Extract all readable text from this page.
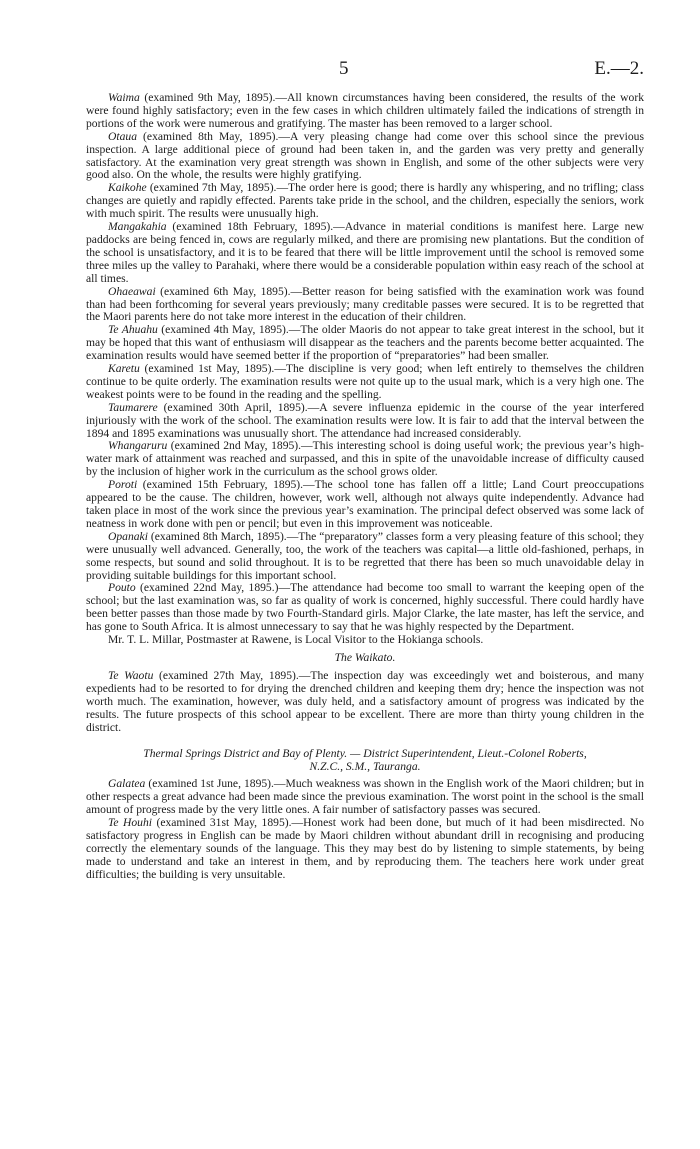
5	E.—2.

Waima (examined 9th May, 1895).—All known circumstances having been considered, the results of the work were found highly satisfactory; even in the few cases in which children ultimately failed the indications of strength in portions of the work were numerous and gratifying. The master has been removed to a larger school.

Otaua (examined 8th May, 1895).—A very pleasing change had come over this school since the previous inspection. A large additional piece of ground had been taken in, and the garden was very pretty and generally satisfactory. At the examination very great strength was shown in English, and some of the other subjects were very good also. On the whole, the results were highly gratifying.

Kaikohe (examined 7th May, 1895).—The order here is good; there is hardly any whispering, and no trifling; class changes are quietly and rapidly effected. Parents take pride in the school, and the children, especially the seniors, work with much spirit. The results were unusually high.

Mangakahia (examined 18th February, 1895).—Advance in material conditions is manifest here. Large new paddocks are being fenced in, cows are regularly milked, and there are promising new plantations. But the condition of the school is unsatisfactory, and it is to be feared that there will be little improvement until the school is removed some three miles up the valley to Parahaki, where there would be a considerable population within easy reach of the school at all times.

Ohaeawai (examined 6th May, 1895).—Better reason for being satisfied with the examination work was found than had been forthcoming for several years previously; many creditable passes were secured. It is to be regretted that the Maori parents here do not take more interest in the education of their children.

Te Ahuahu (examined 4th May, 1895).—The older Maoris do not appear to take great interest in the school, but it may be hoped that this want of enthusiasm will disappear as the teachers and the parents become better acquainted. The examination results would have seemed better if the proportion of “preparatories” had been smaller.

Karetu (examined 1st May, 1895).—The discipline is very good; when left entirely to themselves the children continue to be quite orderly. The examination results were not quite up to the usual mark, which is a very high one. The weakest points were to be found in the reading and the spelling.

Taumarere (examined 30th April, 1895).—A severe influenza epidemic in the course of the year interfered injuriously with the work of the school. The examination results were low. It is fair to add that the interval between the 1894 and 1895 examinations was unusually short. The attendance had increased considerably.

Whangaruru (examined 2nd May, 1895).—This interesting school is doing useful work; the previous year’s high-water mark of attainment was reached and surpassed, and this in spite of the unavoidable increase of difficulty caused by the inclusion of higher work in the curriculum as the school grows older.

Poroti (examined 15th February, 1895).—The school tone has fallen off a little; Land Court preoccupations appeared to be the cause. The children, however, work well, although not always quite independently. Advance had taken place in most of the work since the previous year’s examination. The principal defect observed was some lack of neatness in work done with pen or pencil; but even in this improvement was noticeable.

Opanaki (examined 8th March, 1895).—The “preparatory” classes form a very pleasing feature of this school; they were unusually well advanced. Generally, too, the work of the teachers was capital—a little old-fashioned, perhaps, in some respects, but sound and solid throughout. It is to be regretted that there has been so much unavoidable delay in providing suitable buildings for this important school.

Pouto (examined 22nd May, 1895.)—The attendance had become too small to warrant the keeping open of the school; but the last examination was, so far as quality of work is concerned, highly successful. There could hardly have been better passes than those made by two Fourth-Standard girls. Major Clarke, the late master, has left the service, and has gone to South Africa. It is almost unnecessary to say that he was highly respected by the Department.

Mr. T. L. Millar, Postmaster at Rawene, is Local Visitor to the Hokianga schools.

The Waikato.

Te Waotu (examined 27th May, 1895).—The inspection day was exceedingly wet and boisterous, and many expedients had to be resorted to for drying the drenched children and keeping them dry; hence the inspection was not worth much. The examination, however, was duly held, and a satisfactory amount of progress was indicated by the results. The future prospects of this school appear to be excellent. There are more than thirty young children in the district.

Thermal Springs District and Bay of Plenty. — District Superintendent, Lieut.-Colonel Roberts,
N.Z.C., S.M., Tauranga.

Galatea (examined 1st June, 1895).—Much weakness was shown in the English work of the Maori children; but in other respects a great advance had been made since the previous examination. The worst point in the school is the small amount of progress made by the very little ones. A fair number of satisfactory passes was secured.

Te Houhi (examined 31st May, 1895).—Honest work had been done, but much of it had been misdirected. No satisfactory progress in English can be made by Maori children without abundant drill in recognising and producing correctly the elementary sounds of the language. This they may best do by listening to simple statements, by being made to understand and take an interest in them, and by reproducing them. The teachers here work under great difficulties; the building is very unsuitable.
